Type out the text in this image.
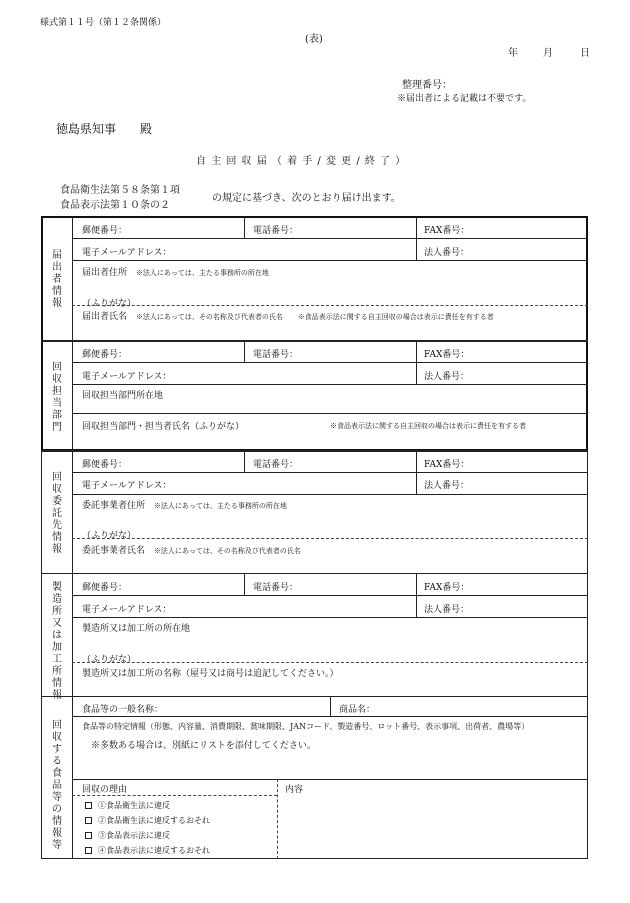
様式第１１号（第１２条関係）
(表)
年	月	日
整理番号：
※届出者による記載は不要です。
徳島県知事　　殿
自 主 回 収 届 （ 着 手 / 変 更 / 終 了 ）
食品衛生法第５８条第１項
食品表示法第１０条の２
の規定に基づき、次のとおり届け出ます。
届出者情報
郵便番号：	電話番号：	FAX番号：
電子メールアドレス：	法人番号：
届出者住所 ※法人にあっては、主たる事務所の所在地
（ふりがな）
届出者氏名 ※法人にあっては、その名称及び代表者の氏名 ※食品表示法に関する自主回収の場合は表示に責任を有する者
回収担当部門
郵便番号：	電話番号：	FAX番号：
電子メールアドレス：	法人番号：
回収担当部門所在地
回収担当部門・担当者氏名（ふりがな）	※食品表示法に関する自主回収の場合は表示に責任を有する者
回収委託先情報
郵便番号：	電話番号：	FAX番号：
電子メールアドレス：	法人番号：
委託事業者住所 ※法人にあっては、主たる事務所の所在地
（ふりがな）
委託事業者氏名 ※法人にあっては、その名称及び代表者の氏名
製造所又は加工所情報
郵便番号：	電話番号：	FAX番号：
電子メールアドレス：	法人番号：
製造所又は加工所の所在地
（ふりがな）
製造所又は加工所の名称（屋号又は商号は追記してください。）
回収する食品等の情報等
食品等の一般名称：	商品名：
食品等の特定情報（形態、内容量、消費期限、賞味期限、JANコード、製造番号、ロット番号、表示事項、出荷者、農場等）
※多数ある場合は、別紙にリストを添付してください。
回収の理由	内容
①食品衛生法に違反
②食品衛生法に違反するおそれ
③食品表示法に違反
④食品表示法に違反するおそれ
